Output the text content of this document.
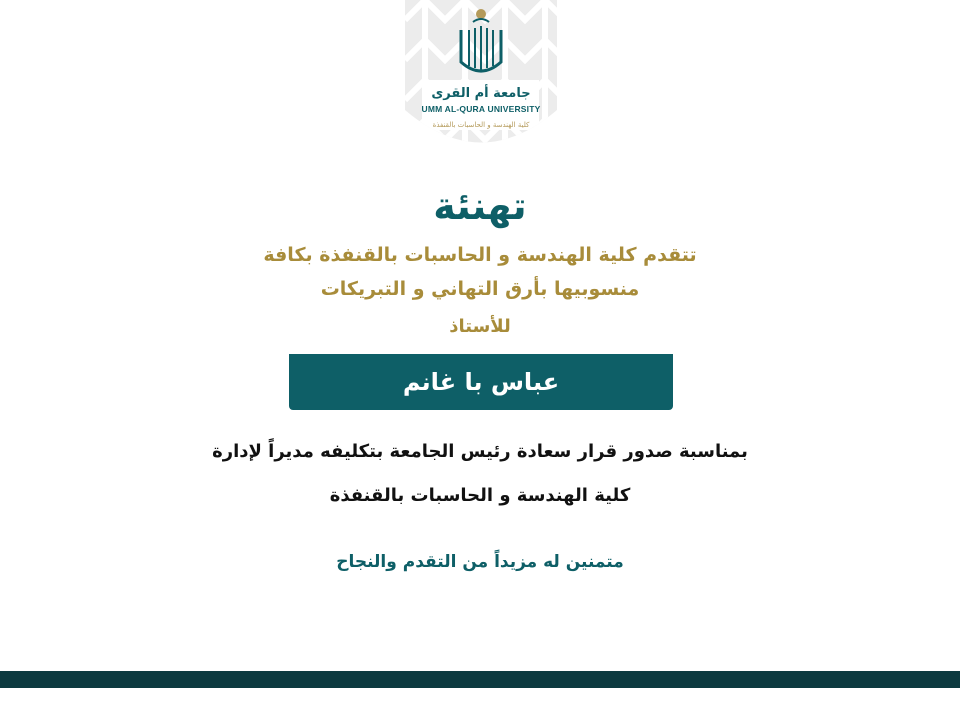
جامعة أم القرى
UMM AL-QURA UNIVERSITY
كلية الهندسة و الحاسبات بالقنفذة
تهنئة
تتقدم كلية الهندسة و الحاسبات بالقنفذة بكافة
منسوبيها بأرق التهاني و التبريكات
للأستاذ
عباس با غانم
بمناسبة صدور قرار سعادة رئيس الجامعة بتكليفه مديراً لإدارة
كلية الهندسة و الحاسبات بالقنفذة
متمنين له مزيداً من التقدم والنجاح
